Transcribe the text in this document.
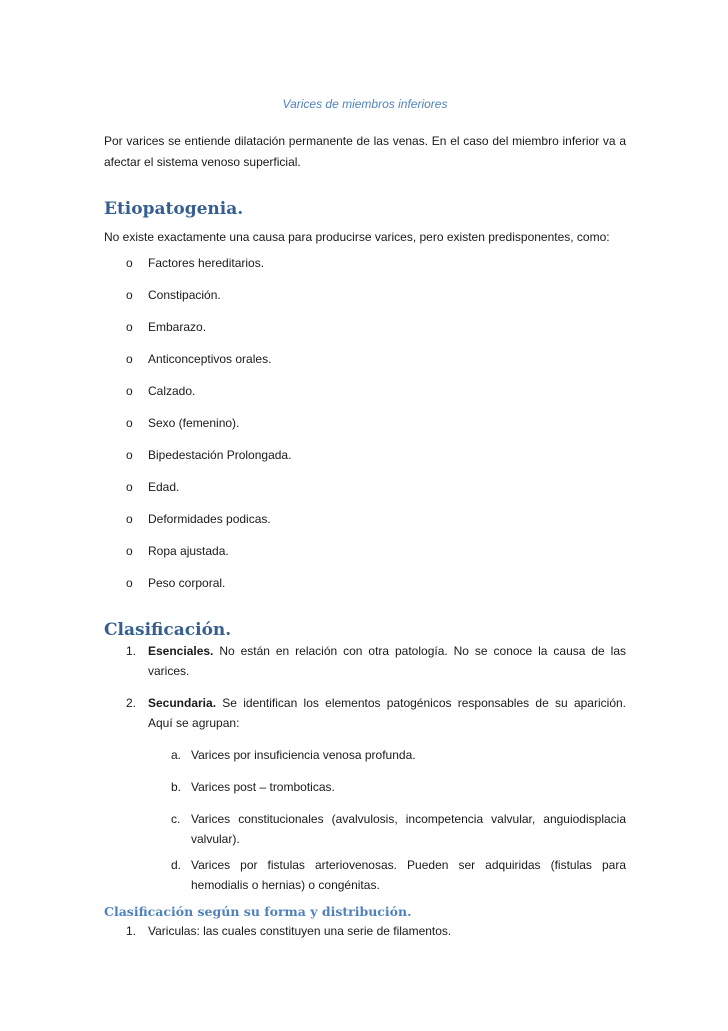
Varices de miembros inferiores

Por varices se entiende dilatación permanente de las venas. En el caso del miembro inferior va a afectar el sistema venoso superficial.

Etiopatogenia.

No existe exactamente una causa para producirse varices, pero existen predisponentes, como:

o Factores hereditarios.
o Constipación.
o Embarazo.
o Anticonceptivos orales.
o Calzado.
o Sexo (femenino).
o Bipedestación Prolongada.
o Edad.
o Deformidades podicas.
o Ropa ajustada.
o Peso corporal.
Clasificación.
1. Esenciales. No están en relación con otra patología. No se conoce la causa de las varices.
2. Secundaria. Se identifican los elementos patogénicos responsables de su aparición. Aquí se agrupan:
a. Varices por insuficiencia venosa profunda.
b. Varices post – tromboticas.
c. Varices constitucionales (avalvulosis, incompetencia valvular, anguiodisplacia valvular).
d. Varices por fistulas arteriovenosas. Pueden ser adquiridas (fistulas para hemodialis o hernias) o congénitas.
Clasificación según su forma y distribución.
1. Variculas: las cuales constituyen una serie de filamentos.
